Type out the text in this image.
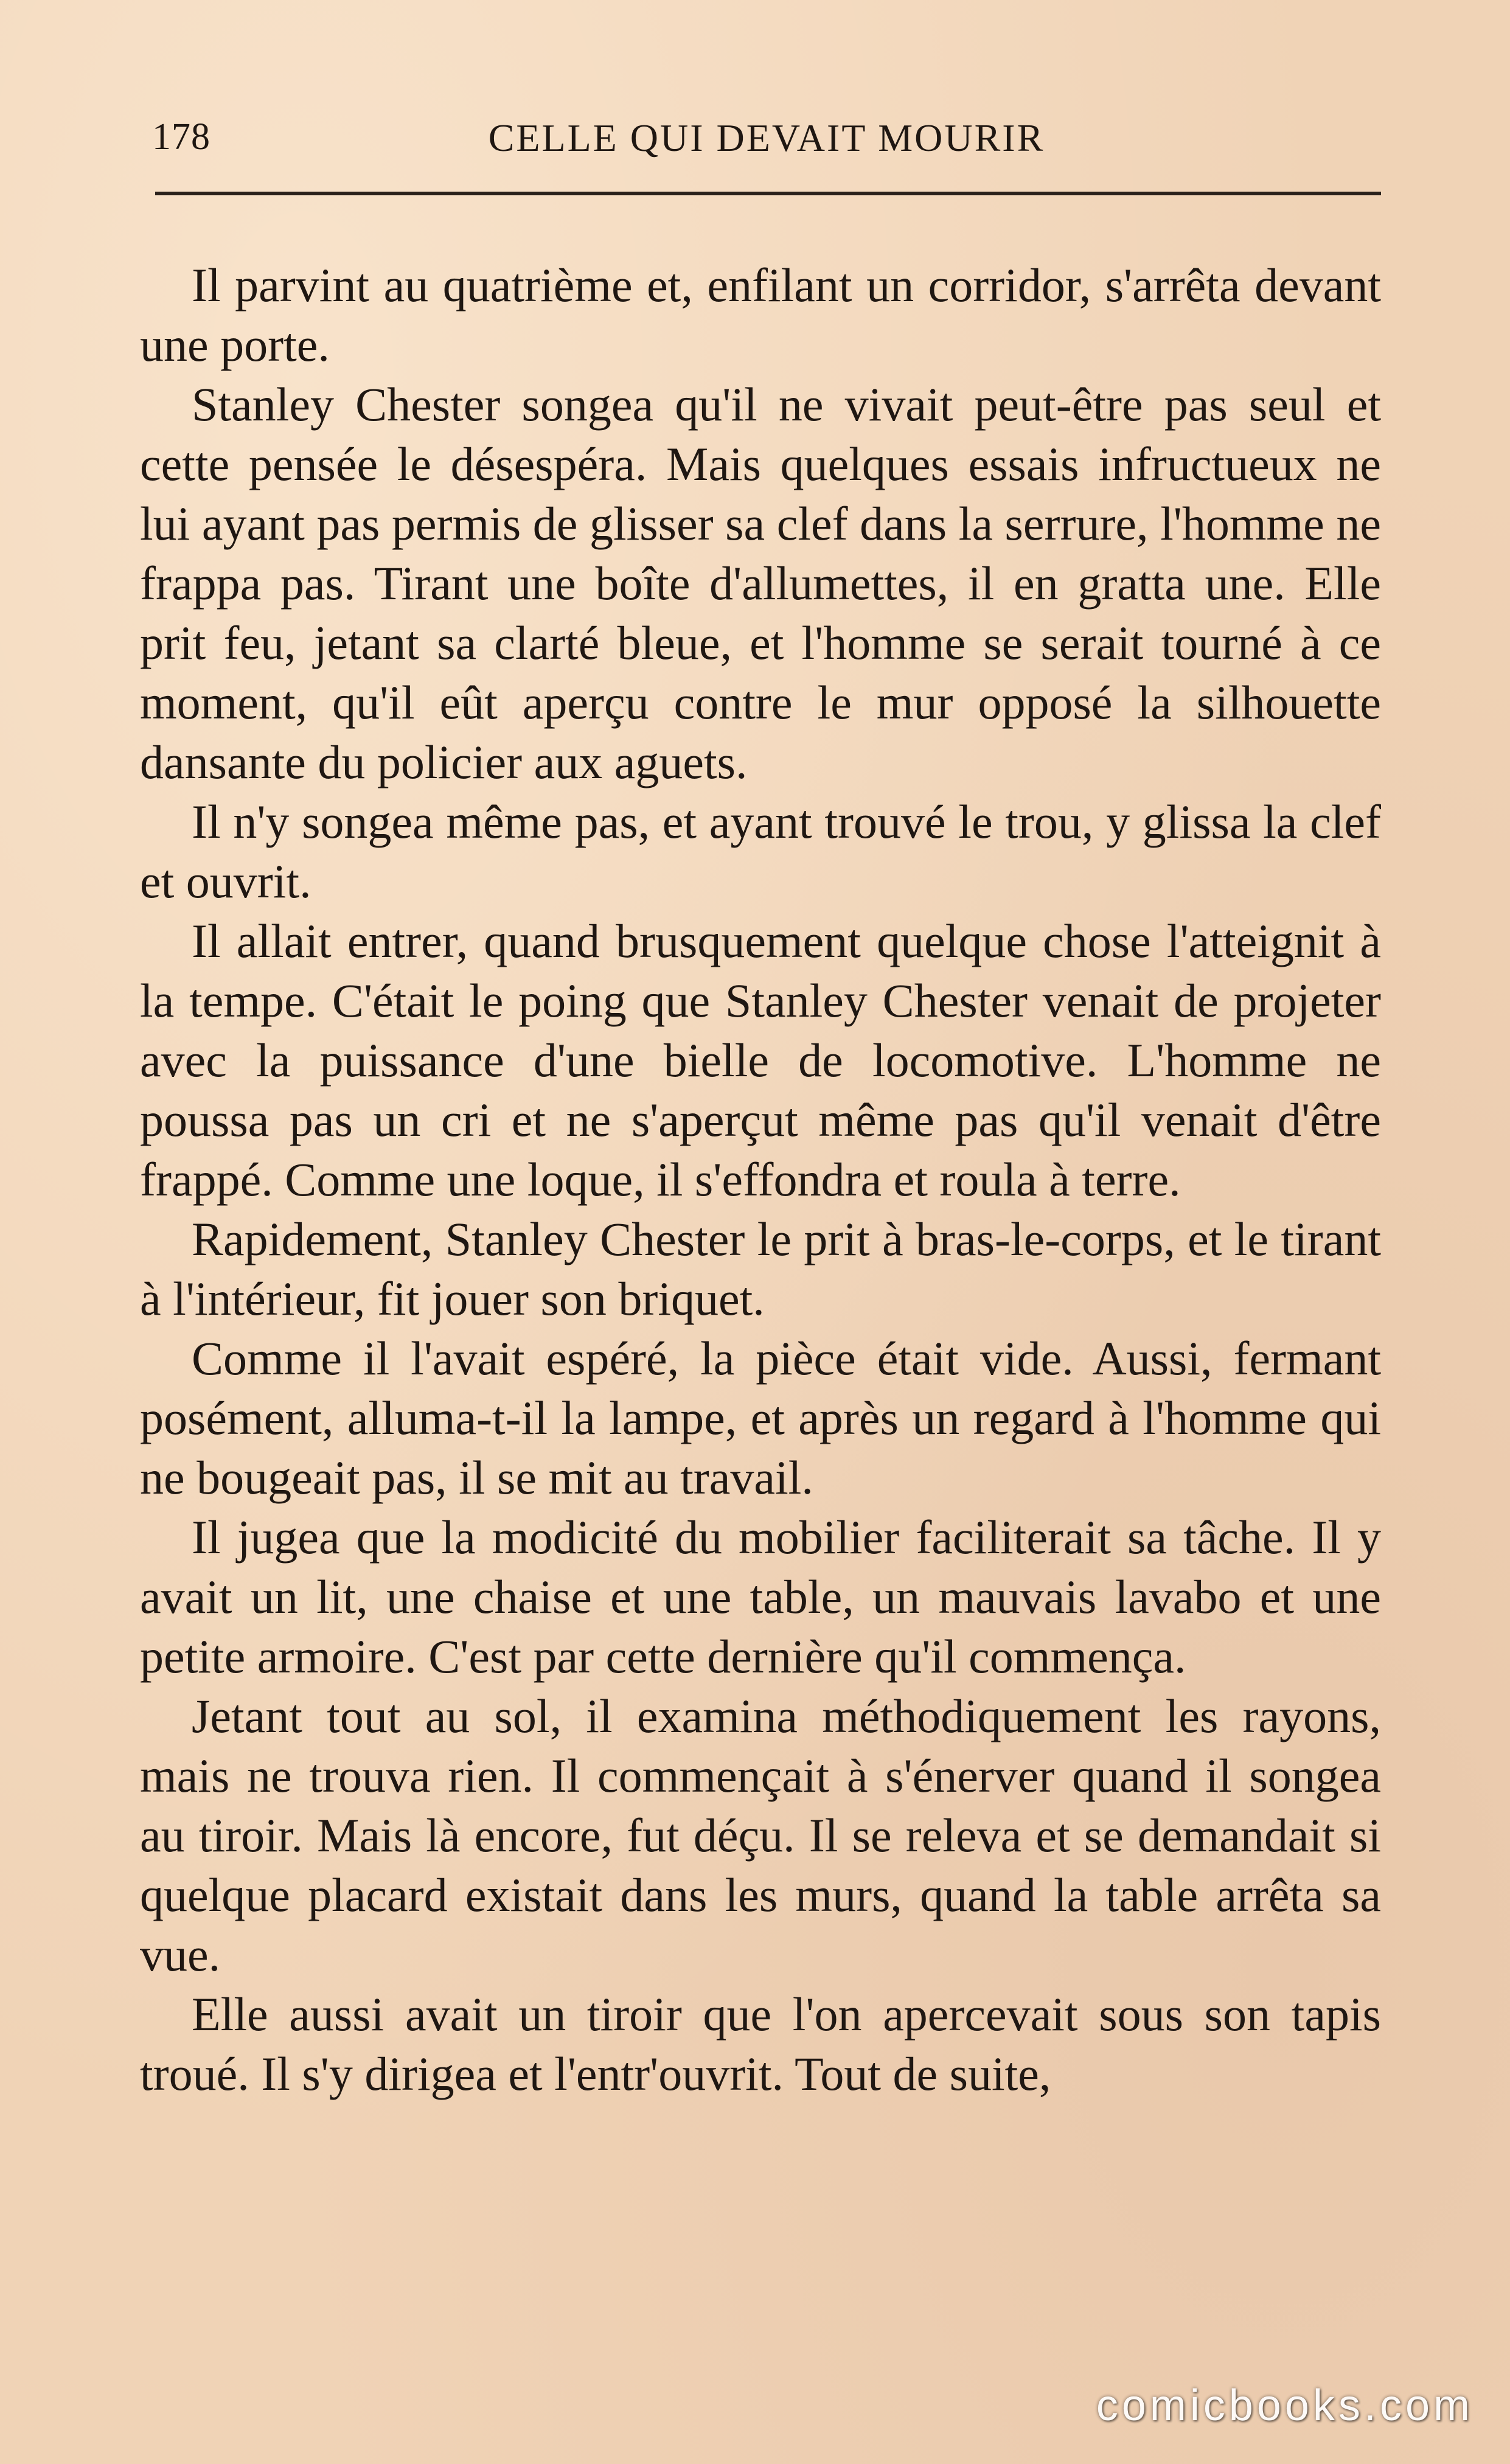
178	CELLE QUI DEVAIT MOURIR

Il parvint au quatrième et, enfilant un corridor, s'arrêta devant une porte.

Stanley Chester songea qu'il ne vivait peut-être pas seul et cette pensée le désespéra. Mais quelques essais infructueux ne lui ayant pas permis de glisser sa clef dans la serrure, l'homme ne frappa pas. Tirant une boîte d'allumettes, il en gratta une. Elle prit feu, jetant sa clarté bleue, et l'homme se serait tourné à ce moment, qu'il eût aperçu contre le mur opposé la silhouette dansante du policier aux aguets.

Il n'y songea même pas, et ayant trouvé le trou, y glissa la clef et ouvrit.

Il allait entrer, quand brusquement quelque chose l'atteignit à la tempe. C'était le poing que Stanley Chester venait de projeter avec la puissance d'une bielle de locomotive. L'homme ne poussa pas un cri et ne s'aperçut même pas qu'il venait d'être frappé. Comme une loque, il s'effondra et roula à terre.

Rapidement, Stanley Chester le prit à bras-le-corps, et le tirant à l'intérieur, fit jouer son briquet.

Comme il l'avait espéré, la pièce était vide. Aussi, fermant posément, alluma-t-il la lampe, et après un regard à l'homme qui ne bougeait pas, il se mit au travail.

Il jugea que la modicité du mobilier faciliterait sa tâche. Il y avait un lit, une chaise et une table, un mauvais lavabo et une petite armoire. C'est par cette dernière qu'il commença.

Jetant tout au sol, il examina méthodiquement les rayons, mais ne trouva rien. Il commençait à s'énerver quand il songea au tiroir. Mais là encore, fut déçu. Il se releva et se demandait si quelque placard existait dans les murs, quand la table arrêta sa vue.

Elle aussi avait un tiroir que l'on apercevait sous son tapis troué. Il s'y dirigea et l'entr'ouvrit. Tout de suite,

comicbooks.com
